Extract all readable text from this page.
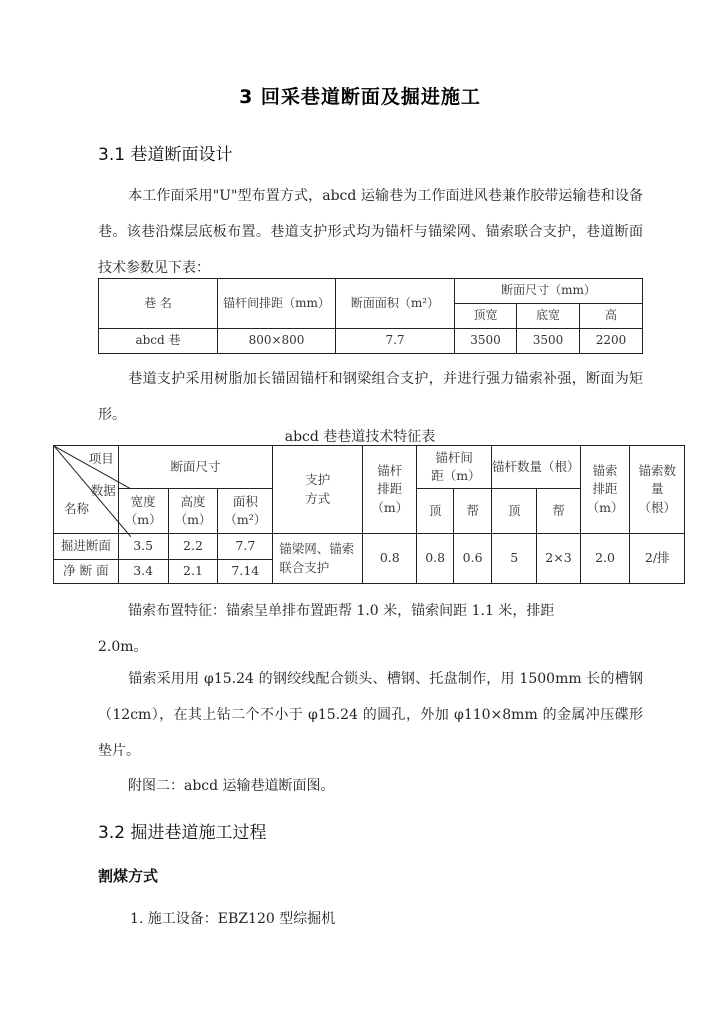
3 回采巷道断面及掘进施工
3.1 巷道断面设计
本工作面采用"U"型布置方式，abcd 运输巷为工作面进风巷兼作胶带运输巷和设备巷。该巷沿煤层底板布置。巷道支护形式均为锚杆与锚梁网、锚索联合支护，巷道断面技术参数见下表：
巷 名	锚杆间排距（mm）	断面面积（m²）	断面尺寸（mm）		
			顶宽	底宽	高
abcd 巷	800×800	7.7	3500	3500	2200
巷道支护采用树脂加长锚固锚杆和钢梁组合支护，并进行强力锚索补强，断面为矩形。
abcd 巷巷道技术特征表
项目
数据
名称	断面尺寸			支护方式	锚杆排距（m）	锚杆间距（m）		锚杆数量（根）		锚索排距（m）	锚索数量（根）
	宽度（m）	高度（m）	面积（m²）			顶	帮	顶	帮		
掘进断面	3.5	2.2	7.7	锚梁网、锚索联合支护	0.8	0.8	0.6	5	2×3	2.0	2/排
净 断 面	3.4	2.1	7.14								
锚索布置特征：锚索呈单排布置距帮 1.0 米，锚索间距 1.1 米，排距
2.0m。
锚索采用用 φ15.24 的钢绞线配合锁头、槽钢、托盘制作，用 1500mm 长的槽钢（12cm），在其上钻二个不小于 φ15.24 的圆孔，外加 φ110×8mm 的金属冲压碟形垫片。
附图二：abcd 运输巷道断面图。
3.2 掘进巷道施工过程
割煤方式
1. 施工设备：EBZ120 型综掘机
